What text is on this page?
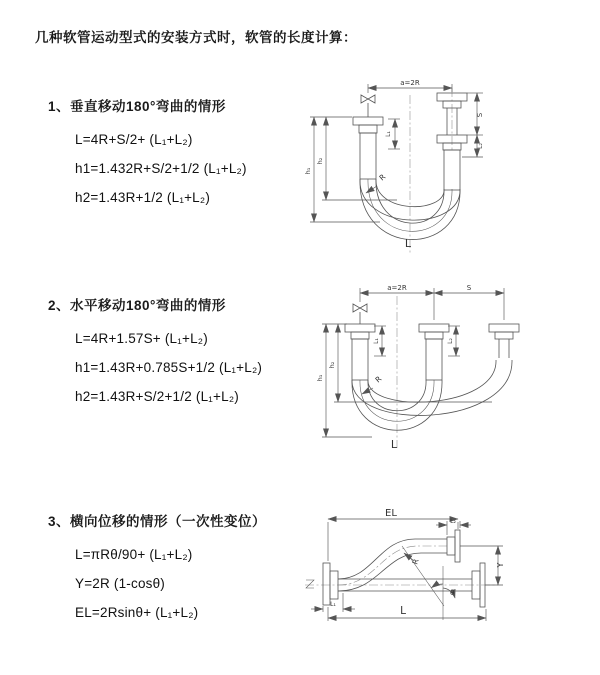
几种软管运动型式的安装方式时，软管的长度计算：
1、垂直移动180°弯曲的情形
L=4R+S/2+ (L₁+L₂)
h1=1.432R+S/2+1/2 (L₁+L₂)
h2=1.43R+1/2 (L₁+L₂)
2、水平移动180°弯曲的情形
L=4R+1.57S+ (L₁+L₂)
h1=1.43R+0.785S+1/2 (L₁+L₂)
h2=1.43R+S/2+1/2 (L₁+L₂)
3、横向位移的情形（一次性变位）
L=πRθ/90+ (L₁+L₂)
Y=2R (1-cosθ)
EL=2Rsinθ+ (L₁+L₂)
a=2R
L₁
S
L₂
R
h₁
h₂
L
a=2R	S
L₁	L₂
R
h₁
h₂
L
EL
L₂
Y
θ
R
L₁
L
